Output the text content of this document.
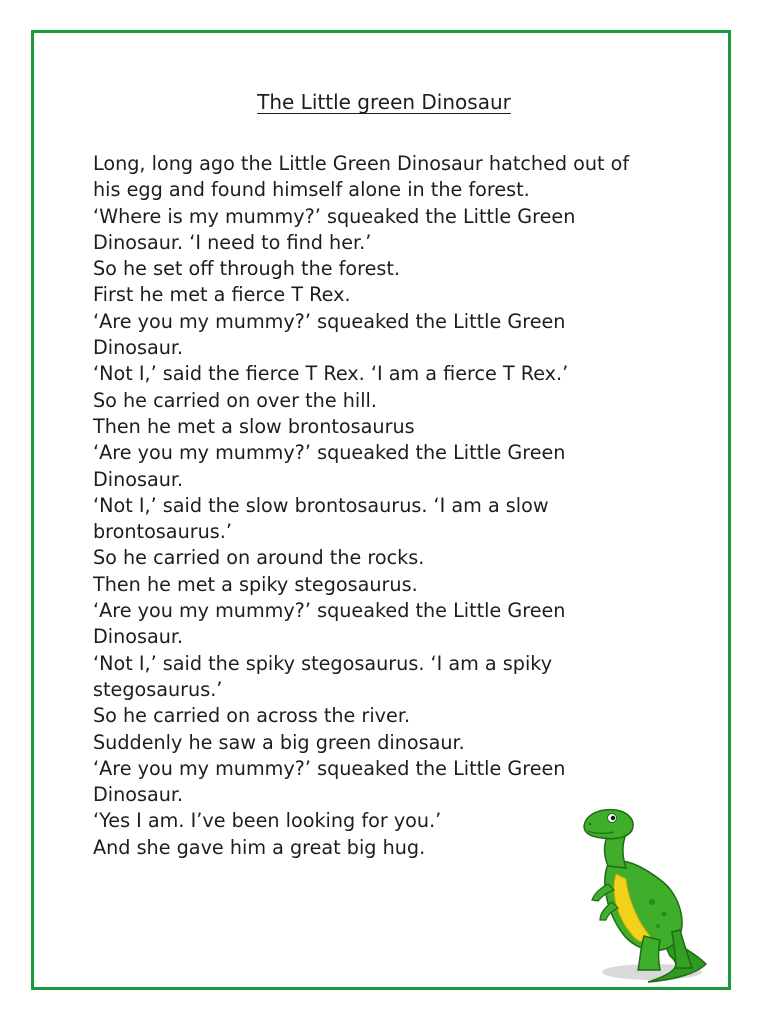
The Little green Dinosaur
Long, long ago the Little Green Dinosaur hatched out of
his egg and found himself alone in the forest.
‘Where is my mummy?’ squeaked the Little Green
Dinosaur. ‘I need to find her.’
So he set off through the forest.
First he met a fierce T Rex.
‘Are you my mummy?’ squeaked the Little Green
Dinosaur.
‘Not I,’ said the fierce T Rex. ‘I am a fierce T Rex.’
So he carried on over the hill.
Then he met a slow brontosaurus
‘Are you my mummy?’ squeaked the Little Green
Dinosaur.
‘Not I,’ said the slow brontosaurus. ‘I am a slow
brontosaurus.’
So he carried on around the rocks.
Then he met a spiky stegosaurus.
‘Are you my mummy?’ squeaked the Little Green
Dinosaur.
‘Not I,’ said the spiky stegosaurus. ‘I am a spiky
stegosaurus.’
So he carried on across the river.
Suddenly he saw a big green dinosaur.
‘Are you my mummy?’ squeaked the Little Green
Dinosaur.
‘Yes I am. I’ve been looking for you.’
And she gave him a great big hug.
